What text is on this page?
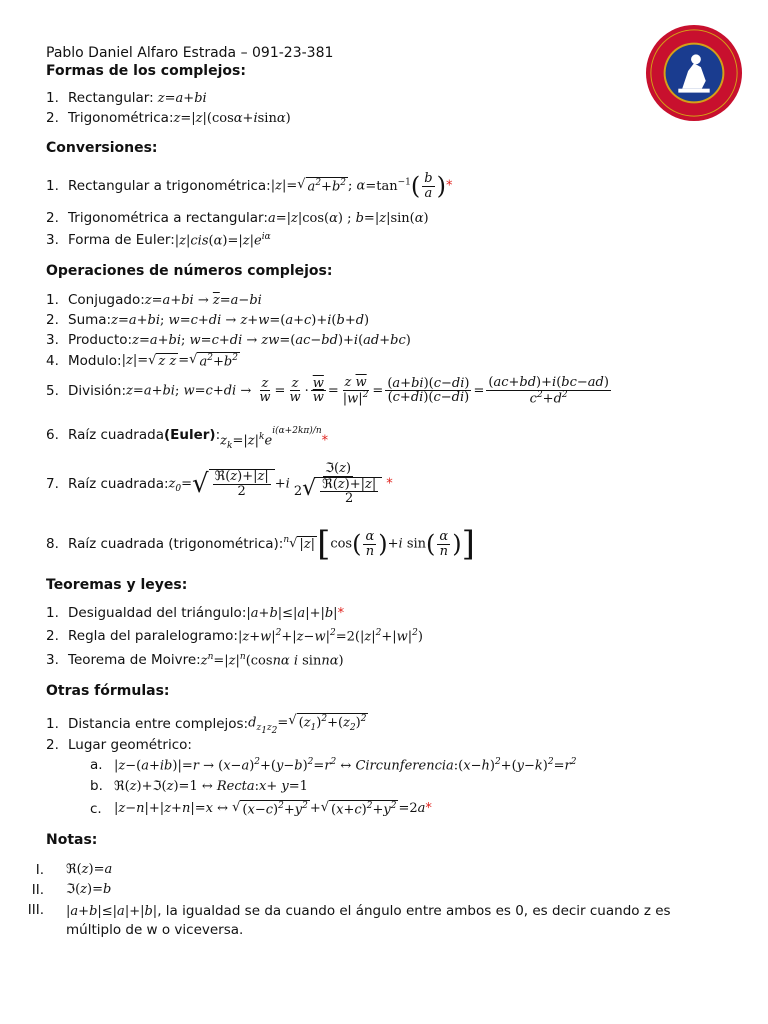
Pablo Daniel Alfaro Estrada – 091-23-381
Formas de los complejos:
1. Rectangular: z=a+bi
2. Trigonométrica: z=|z|(cosα+isinα)
Conversiones:
1. Rectangular a trigonométrica: |z|= √ $a^2+b^2$ ; $\alpha=\tan^{-1}( \frac{b}{a}$ )*
2. Trigonométrica a rectangular: a=|z|cos(α) ; b=|z|sin(α)
3. Forma de Euler: $|z|cis(\alpha)=|z|e^{i\alpha}$
Operaciones de números complejos:
1. Conjugado: $z=a+bi \to \overline{z}=a-bi$
2. Suma: z=a+bi; w=c+di → z+w=(a+c)+i(b+d)
3. Producto: z=a+bi; w=c+di → zw=(ac−bd)+i(ad+bc)
4. Modulo: |z|= √ z $\overline{z}$ = √ $a^2+b^2$
5. División: z=a+bi; $w=c+di \to \frac{z}{w} = \frac{z}{w} \cdot \frac{\overline{w}}{w} = \frac{z \overline{w}}{|w|^2} = \frac{(a+bi)(c-di)}{(c+di)(c-di)} = \frac{(ac+bd)+i(bc-ad)}{c^2+d^2}$
6. Raíz cuadrada (Euler) : $z_k=|z|^ke^{i(\alpha+2k\pi)/n}*$
7. Raíz cuadrada: $z_0=$ √ $\frac{\text{ℜ(z)+|z|}}{2} +i \frac{\text{ℑ(z)}}{2 √ \frac{\text{ℜ(z)+|z|}}{2}}$ *
8. Raíz cuadrada (trigonométrica): $^n$ √ |z| [$\cos( \frac{\alpha}{n} )+i$ $\sin( \frac{\alpha}{n}$ )]
Teoremas y leyes:
1. Desigualdad del triángulo: |a+b|≤|a|+|b|*
2. Regla del paralelogramo: $|z+w|^2+|z-w|^2=2(|z|^2+|w|^2)$
3. Teorema de Moivre: $z^n=|z|^n(\cos n\alpha$ i sinnα)
Otras fórmulas:
1. Distancia entre complejos: $d_{z_1z_2}=$ √ $(z_1)^2+(z_2)^2$
2. Lugar geométrico:
a. $|z-(a+ib)|=r \to (x-a)^2+(y-b)^2=r^2$ ↔ $Circunferencia:(x-h)^2+(y-k)^2=r^2$
b. ℜ(z)+ℑ(z)=1 ↔ Recta:x+ y=1
c. |z−n|+|z+n|=x ↔ √ $(x-c)^2+y^2$ + √ $(x+c)^2+y^2 =2a*$
Notas:
I.	ℜ(z)=a
II.	ℑ(z)=b
III.	|a+b|≤|a|+|b|, la igualdad se da cuando el ángulo entre ambos es 0, es decir cuando z es
múltiplo de w o viceversa.
